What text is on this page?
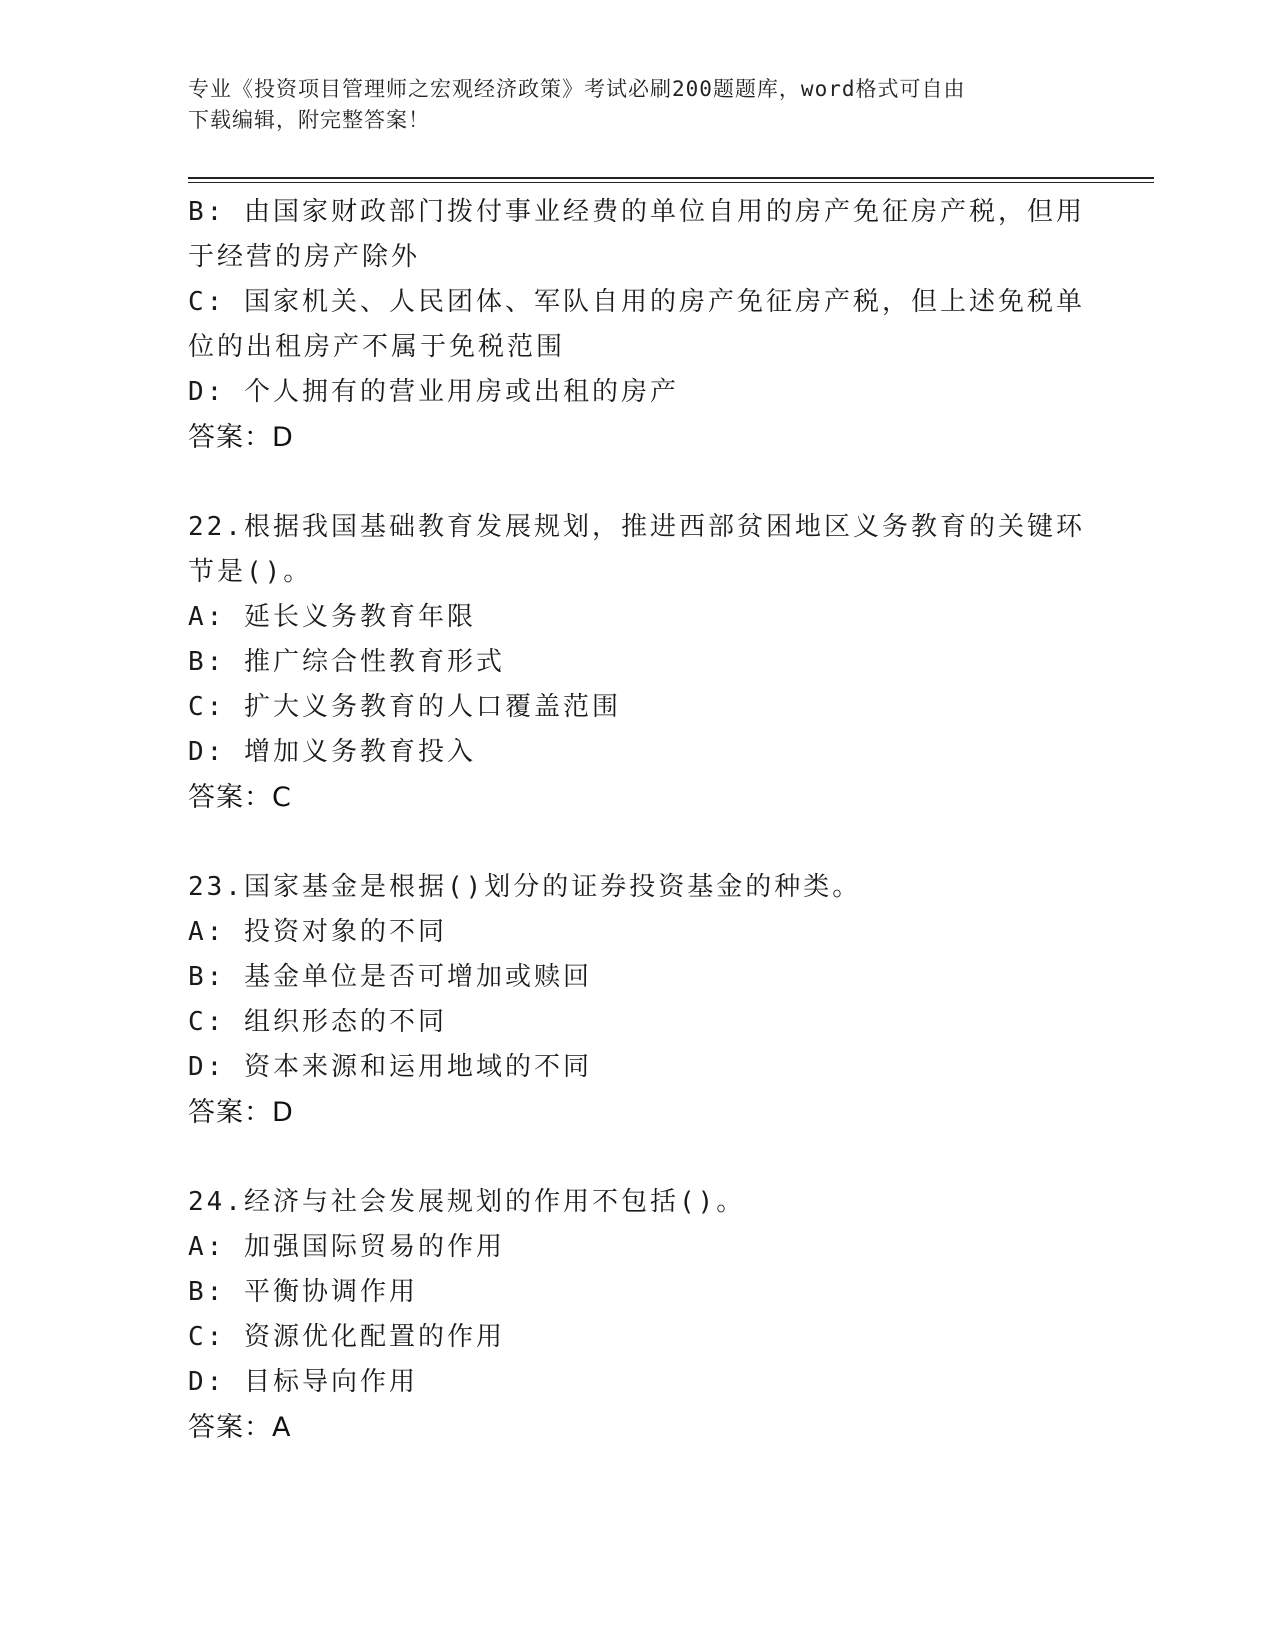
专业《投资项目管理师之宏观经济政策》考试必刷200题题库，word格式可自由
下载编辑，附完整答案！
B: 由国家财政部门拨付事业经费的单位自用的房产免征房产税，但用
于经营的房产除外
C: 国家机关、人民团体、军队自用的房产免征房产税，但上述免税单
位的出租房产不属于免税范围
D: 个人拥有的营业用房或出租的房产
答案：D
22.根据我国基础教育发展规划，推进西部贫困地区义务教育的关键环
节是()。
A: 延长义务教育年限
B: 推广综合性教育形式
C: 扩大义务教育的人口覆盖范围
D: 增加义务教育投入
答案：C
23.国家基金是根据()划分的证券投资基金的种类。
A: 投资对象的不同
B: 基金单位是否可增加或赎回
C: 组织形态的不同
D: 资本来源和运用地域的不同
答案：D
24.经济与社会发展规划的作用不包括()。
A: 加强国际贸易的作用
B: 平衡协调作用
C: 资源优化配置的作用
D: 目标导向作用
答案：A
